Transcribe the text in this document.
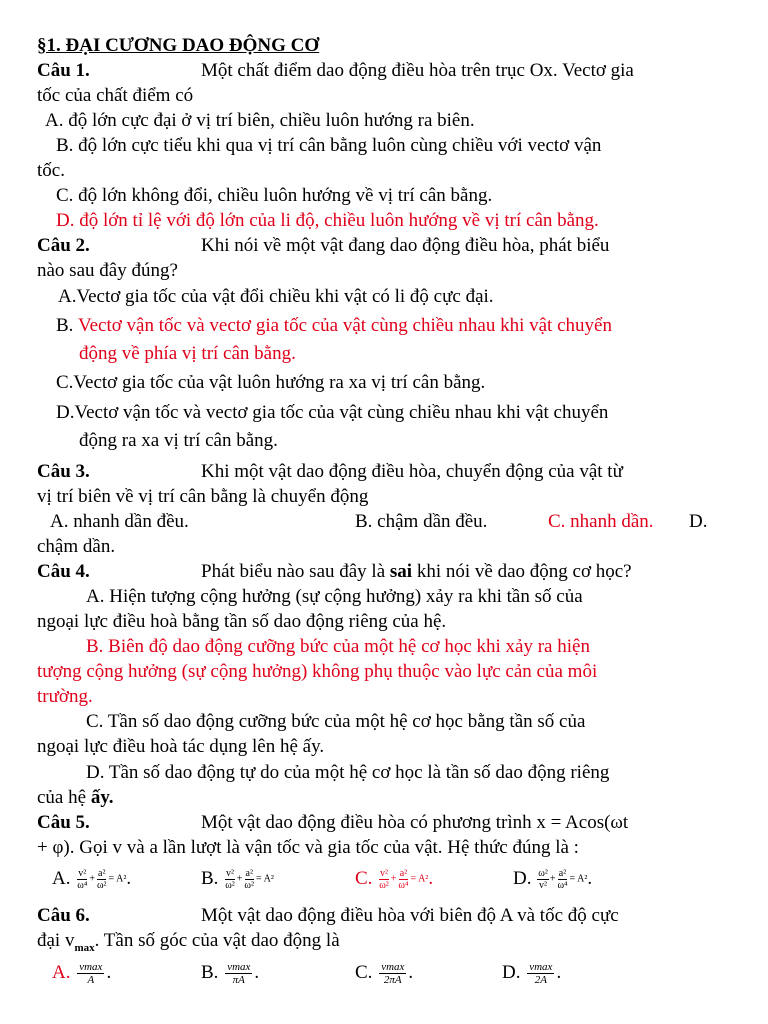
§1. ĐẠI CƯƠNG DAO ĐỘNG CƠ
Câu 1.	Một chất điểm dao động điều hòa trên trục Ox. Vectơ gia
tốc của chất điểm có
A. độ lớn cực đại ở vị trí biên, chiều luôn hướng ra biên.
B. độ lớn cực tiểu khi qua vị trí cân bằng luôn cùng chiều với vectơ vận
tốc.
C. độ lớn không đổi, chiều luôn hướng về vị trí cân bằng.
D. độ lớn tỉ lệ với độ lớn của li độ, chiều luôn hướng về vị trí cân bằng.
Câu 2.	Khi nói về một vật đang dao động điều hòa, phát biểu
nào sau đây đúng?
A.Vectơ gia tốc của vật đổi chiều khi vật có li độ cực đại.
B. Vectơ vận tốc và vectơ gia tốc của vật cùng chiều nhau khi vật chuyển
động về phía vị trí cân bằng.
C.Vectơ gia tốc của vật luôn hướng ra xa vị trí cân bằng.
D.Vectơ vận tốc và vectơ gia tốc của vật cùng chiều nhau khi vật chuyển
động ra xa vị trí cân bằng.
Câu 3.	Khi một vật dao động điều hòa, chuyển động của vật từ
vị trí biên về vị trí cân bằng là chuyển động
A. nhanh dần đều.	B. chậm dần đều.	C. nhanh dần. D.
chậm dần.
Câu 4.	Phát biểu nào sau đây là sai khi nói về dao động cơ học?
A. Hiện tượng cộng hưởng (sự cộng hưởng) xảy ra khi tần số của
ngoại lực điều hoà bằng tần số dao động riêng của hệ.
B. Biên độ dao động cưỡng bức của một hệ cơ học khi xảy ra hiện
tượng cộng hưởng (sự cộng hưởng) không phụ thuộc vào lực cản của môi
trường.
C. Tần số dao động cưỡng bức của một hệ cơ học bằng tần số của
ngoại lực điều hoà tác dụng lên hệ ấy.
D. Tần số dao động tự do của một hệ cơ học là tần số dao động riêng
của hệ ấy.
Câu 5.	Một vật dao động điều hòa có phương trình x = Acos(ωt
+ φ). Gọi v và a lần lượt là vận tốc và gia tốc của vật. Hệ thức đúng là :
A. $\frac{\text{v²}}{\text{ω⁴}} + \frac{\text{a²}}{\text{ω²}} = A^2$.	B. $\frac{\text{v²}}{\text{ω²}} + \frac{\text{a²}}{\text{ω²}} = A^2$	C. $\frac{\text{v²}}{\text{ω²}} + \frac{\text{a²}}{\text{ω⁴}} = A^2$.	D. $\frac{\text{ω²}}{\text{v²}} + \frac{\text{a²}}{\text{ω⁴}} = A^2$.
Câu 6.	Một vật dao động điều hòa với biên độ A và tốc độ cực
đại $v_{max}$. Tần số góc của vật dao động là
A. $\frac{vmax}{A}$ .	B. $\frac{vmax}{\pi A}$ .	C. $\frac{vmax}{2\pi A}$ .	D. $\frac{vmax}{2A}$ .
